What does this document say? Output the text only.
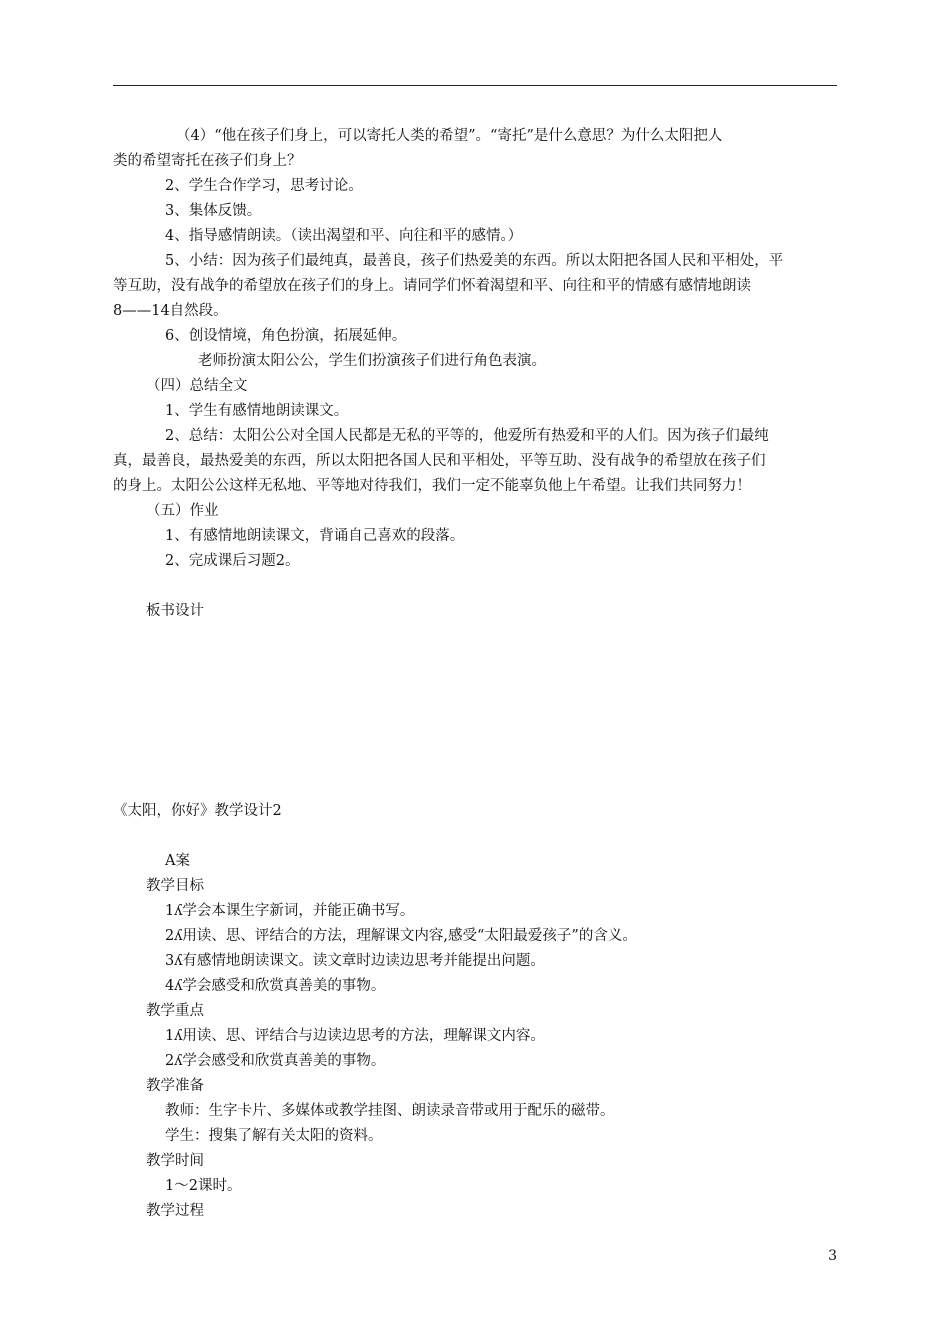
（4）“他在孩子们身上，可以寄托人类的希望”。“寄托”是什么意思？为什么太阳把人
类的希望寄托在孩子们身上？
2、学生合作学习，思考讨论。
3、集体反馈。
4、指导感情朗读。（读出渴望和平、向往和平的感情。）
5、小结：因为孩子们最纯真，最善良，孩子们热爱美的东西。所以太阳把各国人民和平相处，平
等互助，没有战争的希望放在孩子们的身上。请同学们怀着渴望和平、向往和平的情感有感情地朗读
8——14自然段。
6、创设情境，角色扮演，拓展延伸。
老师扮演太阳公公，学生们扮演孩子们进行角色表演。
（四）总结全文
1、学生有感情地朗读课文。
2、总结：太阳公公对全国人民都是无私的平等的，他爱所有热爱和平的人们。因为孩子们最纯
真，最善良，最热爱美的东西，所以太阳把各国人民和平相处，平等互助、没有战争的希望放在孩子们
的身上。太阳公公这样无私地、平等地对待我们，我们一定不能辜负他上午希望。让我们共同努力！
（五）作业
1、有感情地朗读课文，背诵自己喜欢的段落。
2、完成课后习题2。
板书设计
《太阳，你好》教学设计2
A案
教学目标
1ʎ学会本课生字新词，并能正确书写。
2ʎ用读、思、评结合的方法，理解课文内容,感受“太阳最爱孩子”的含义。
3ʎ有感情地朗读课文。读文章时边读边思考并能提出问题。
4ʎ学会感受和欣赏真善美的事物。
教学重点
1ʎ用读、思、评结合与边读边思考的方法，理解课文内容。
2ʎ学会感受和欣赏真善美的事物。
教学准备
教师：生字卡片、多媒体或教学挂图、朗读录音带或用于配乐的磁带。
学生：搜集了解有关太阳的资料。
教学时间
1～2课时。
教学过程
3
